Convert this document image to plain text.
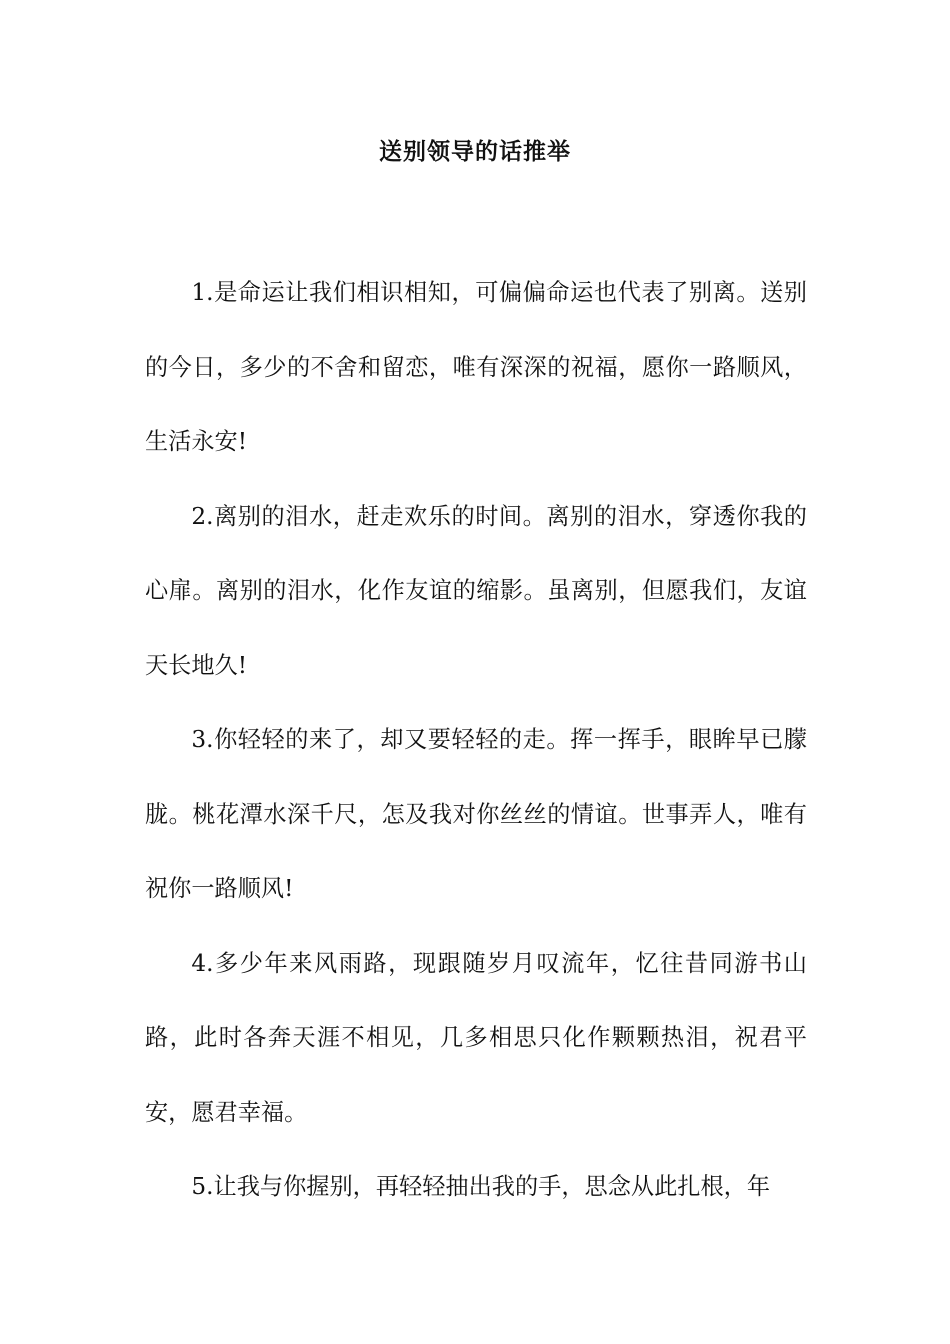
送别领导的话推举

1.是命运让我们相识相知，可偏偏命运也代表了别离。送别的今日，多少的不舍和留恋，唯有深深的祝福，愿你一路顺风，生活永安!

2.离别的泪水，赶走欢乐的时间。离别的泪水，穿透你我的心扉。离别的泪水，化作友谊的缩影。虽离别，但愿我们，友谊天长地久!

3.你轻轻的来了，却又要轻轻的走。挥一挥手，眼眸早已朦胧。桃花潭水深千尺，怎及我对你丝丝的情谊。世事弄人，唯有祝你一路顺风!

4.多少年来风雨路，现跟随岁月叹流年，忆往昔同游书山路，此时各奔天涯不相见，几多相思只化作颗颗热泪，祝君平安，愿君幸福。

5.让我与你握别，再轻轻抽出我的手，思念从此扎根，年
